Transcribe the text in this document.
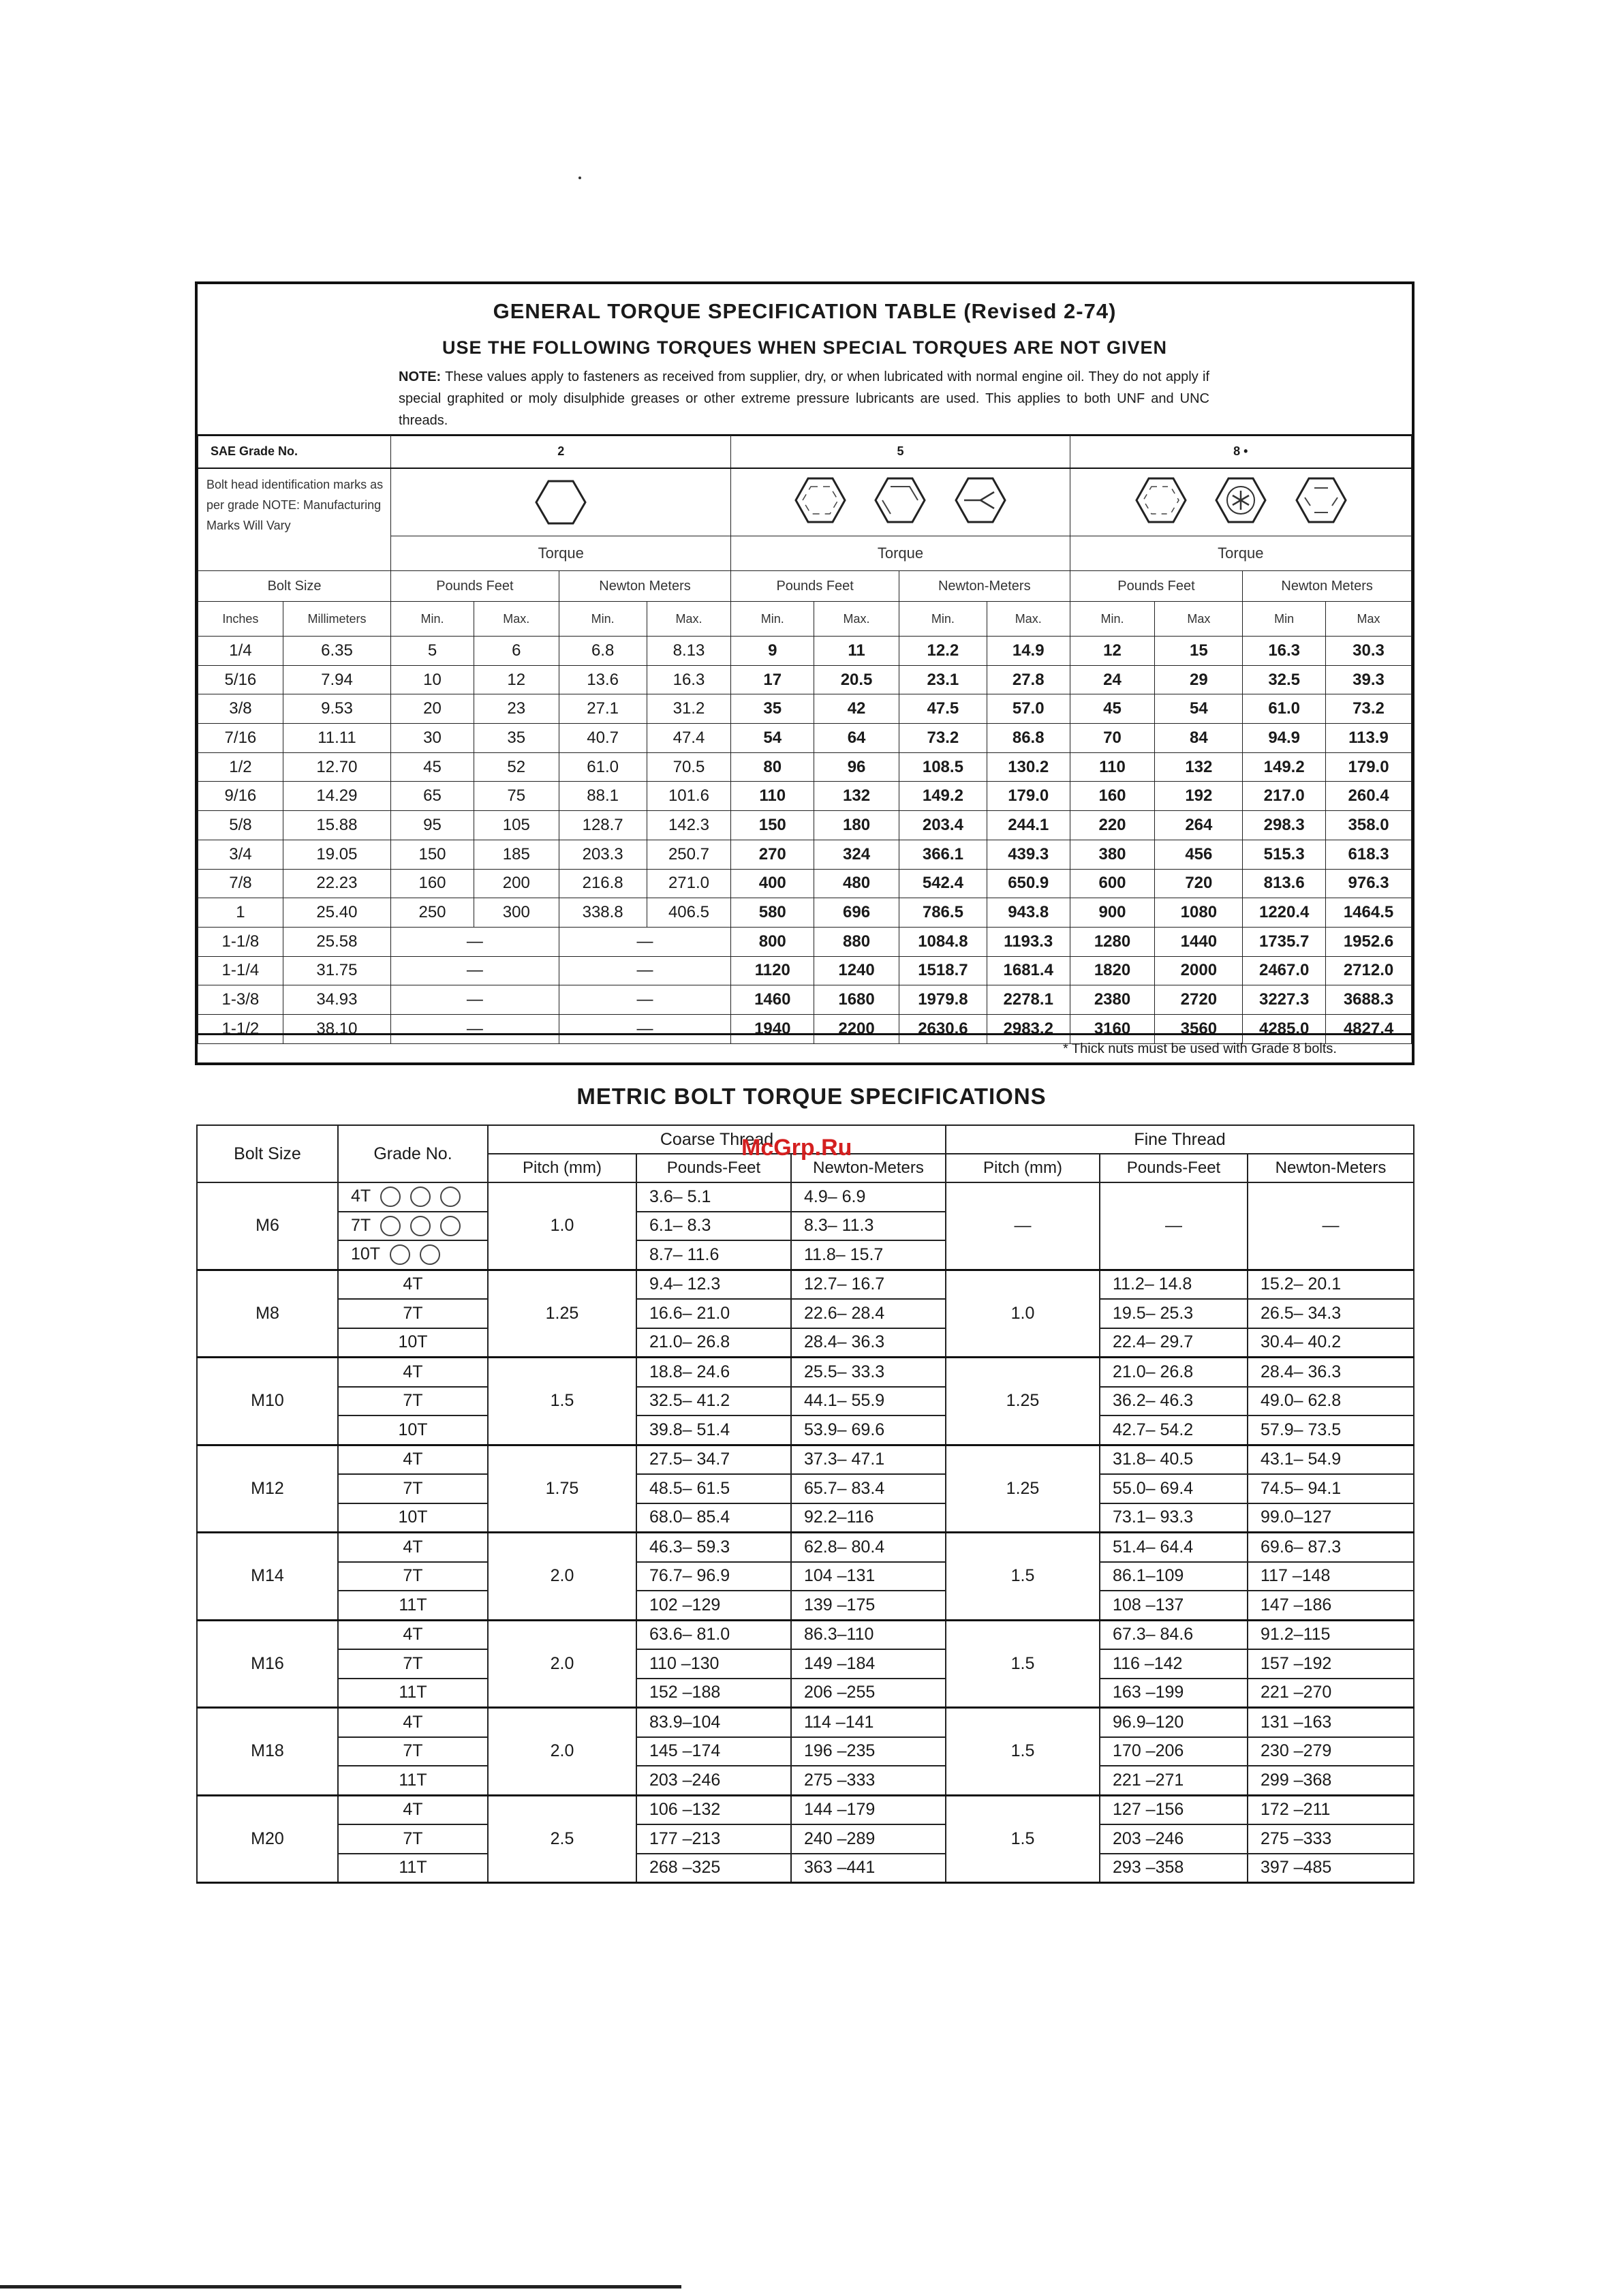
GENERAL TORQUE SPECIFICATION TABLE (Revised 2-74)
USE THE FOLLOWING TORQUES WHEN SPECIAL TORQUES ARE NOT GIVEN
NOTE: These values apply to fasteners as received from supplier, dry, or when lubricated with normal engine oil. They do not apply if special graphited or moly disulphide greases or other extreme pressure lubricants are used. This applies to both UNF and UNC threads.
SAE Grade No.		2				5				8 •			
Bolt head identification marks as per grade NOTE: Manufacturing Marks Will Vary	

		Torque				Torque				Torque			
Bolt Size		Pounds Feet		Newton Meters		Pounds Feet		Newton-Meters		Pounds Feet		Newton Meters	
Inches	Millimeters	Min.	Max.	Min.	Max.	Min.	Max.	Min.	Max.	Min.	Max	Min	Max
1/4	6.35	5	6	6.8	8.13	9	11	12.2	14.9	12	15	16.3	30.3
5/16	7.94	10	12	13.6	16.3	17	20.5	23.1	27.8	24	29	32.5	39.3
3/8	9.53	20	23	27.1	31.2	35	42	47.5	57.0	45	54	61.0	73.2
7/16	11.11	30	35	40.7	47.4	54	64	73.2	86.8	70	84	94.9	113.9
1/2	12.70	45	52	61.0	70.5	80	96	108.5	130.2	110	132	149.2	179.0
9/16	14.29	65	75	88.1	101.6	110	132	149.2	179.0	160	192	217.0	260.4
5/8	15.88	95	105	128.7	142.3	150	180	203.4	244.1	220	264	298.3	358.0
3/4	19.05	150	185	203.3	250.7	270	324	366.1	439.3	380	456	515.3	618.3
7/8	22.23	160	200	216.8	271.0	400	480	542.4	650.9	600	720	813.6	976.3
1	25.40	250	300	338.8	406.5	580	696	786.5	943.8	900	1080	1220.4	1464.5
1-1/8	25.58	—		—		800	880	1084.8	1193.3	1280	1440	1735.7	1952.6
1-1/4	31.75	—		—		1120	1240	1518.7	1681.4	1820	2000	2467.0	2712.0
1-3/8	34.93	—		—		1460	1680	1979.8	2278.1	2380	2720	3227.3	3688.3
1-1/2	38.10	—		—		1940	2200	2630.6	2983.2	3160	3560	4285.0	4827.4
* Thick nuts must be used with Grade 8 bolts.
METRIC BOLT TORQUE SPECIFICATIONS
Bolt Size	Grade No.	Coarse Thread			Fine Thread		
		Pitch (mm)	Pounds-Feet	Newton-Meters	Pitch (mm)	Pounds-Feet	Newton-Meters
M6	4T	1.0	3.6– 5.1	4.9– 6.9	—	—	—
	7T		6.1– 8.3	8.3– 11.3			
	10T		8.7– 11.6	11.8– 15.7			
M8	4T	1.25	9.4– 12.3	12.7– 16.7	1.0	11.2– 14.8	15.2– 20.1
	7T		16.6– 21.0	22.6– 28.4		19.5– 25.3	26.5– 34.3
	10T		21.0– 26.8	28.4– 36.3		22.4– 29.7	30.4– 40.2
M10	4T	1.5	18.8– 24.6	25.5– 33.3	1.25	21.0– 26.8	28.4– 36.3
	7T		32.5– 41.2	44.1– 55.9		36.2– 46.3	49.0– 62.8
	10T		39.8– 51.4	53.9– 69.6		42.7– 54.2	57.9– 73.5
M12	4T	1.75	27.5– 34.7	37.3– 47.1	1.25	31.8– 40.5	43.1– 54.9
	7T		48.5– 61.5	65.7– 83.4		55.0– 69.4	74.5– 94.1
	10T		68.0– 85.4	92.2–116		73.1– 93.3	99.0–127
M14	4T	2.0	46.3– 59.3	62.8– 80.4	1.5	51.4– 64.4	69.6– 87.3
	7T		76.7– 96.9	104 –131		86.1–109	117 –148
	11T		102 –129	139 –175		108 –137	147 –186
M16	4T	2.0	63.6– 81.0	86.3–110	1.5	67.3– 84.6	91.2–115
	7T		110 –130	149 –184		116 –142	157 –192
	11T		152 –188	206 –255		163 –199	221 –270
M18	4T	2.0	83.9–104	114 –141	1.5	96.9–120	131 –163
	7T		145 –174	196 –235		170 –206	230 –279
	11T		203 –246	275 –333		221 –271	299 –368
M20	4T	2.5	106 –132	144 –179	1.5	127 –156	172 –211
	7T		177 –213	240 –289		203 –246	275 –333
	11T		268 –325	363 –441		293 –358	397 –485
McGrp.Ru
